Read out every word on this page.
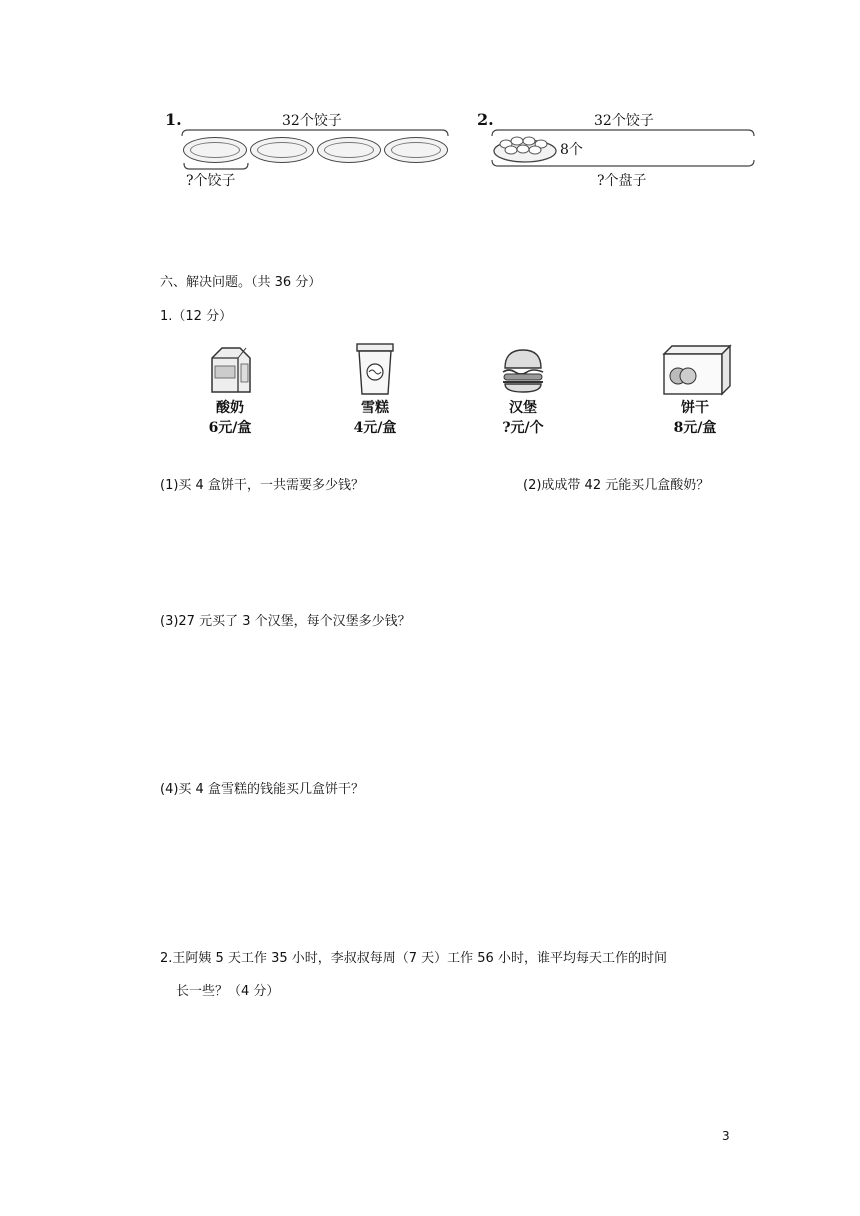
1.	32个饺子
?个饺子
2.	32个饺子
8个
?个盘子
六、解决问题。（共 36 分）
1.（12 分）
酸奶
6元/盒
雪糕
4元/盒
汉堡
?元/个
饼干
8元/盒
(1)买 4 盒饼干，一共需要多少钱？	(2)成成带 42 元能买几盒酸奶？
(3)27 元买了 3 个汉堡，每个汉堡多少钱？
(4)买 4 盒雪糕的钱能买几盒饼干？
2.王阿姨 5 天工作 35 小时，李叔叔每周（7 天）工作 56 小时，谁平均每天工作的时间
长一些？（4 分）
3
